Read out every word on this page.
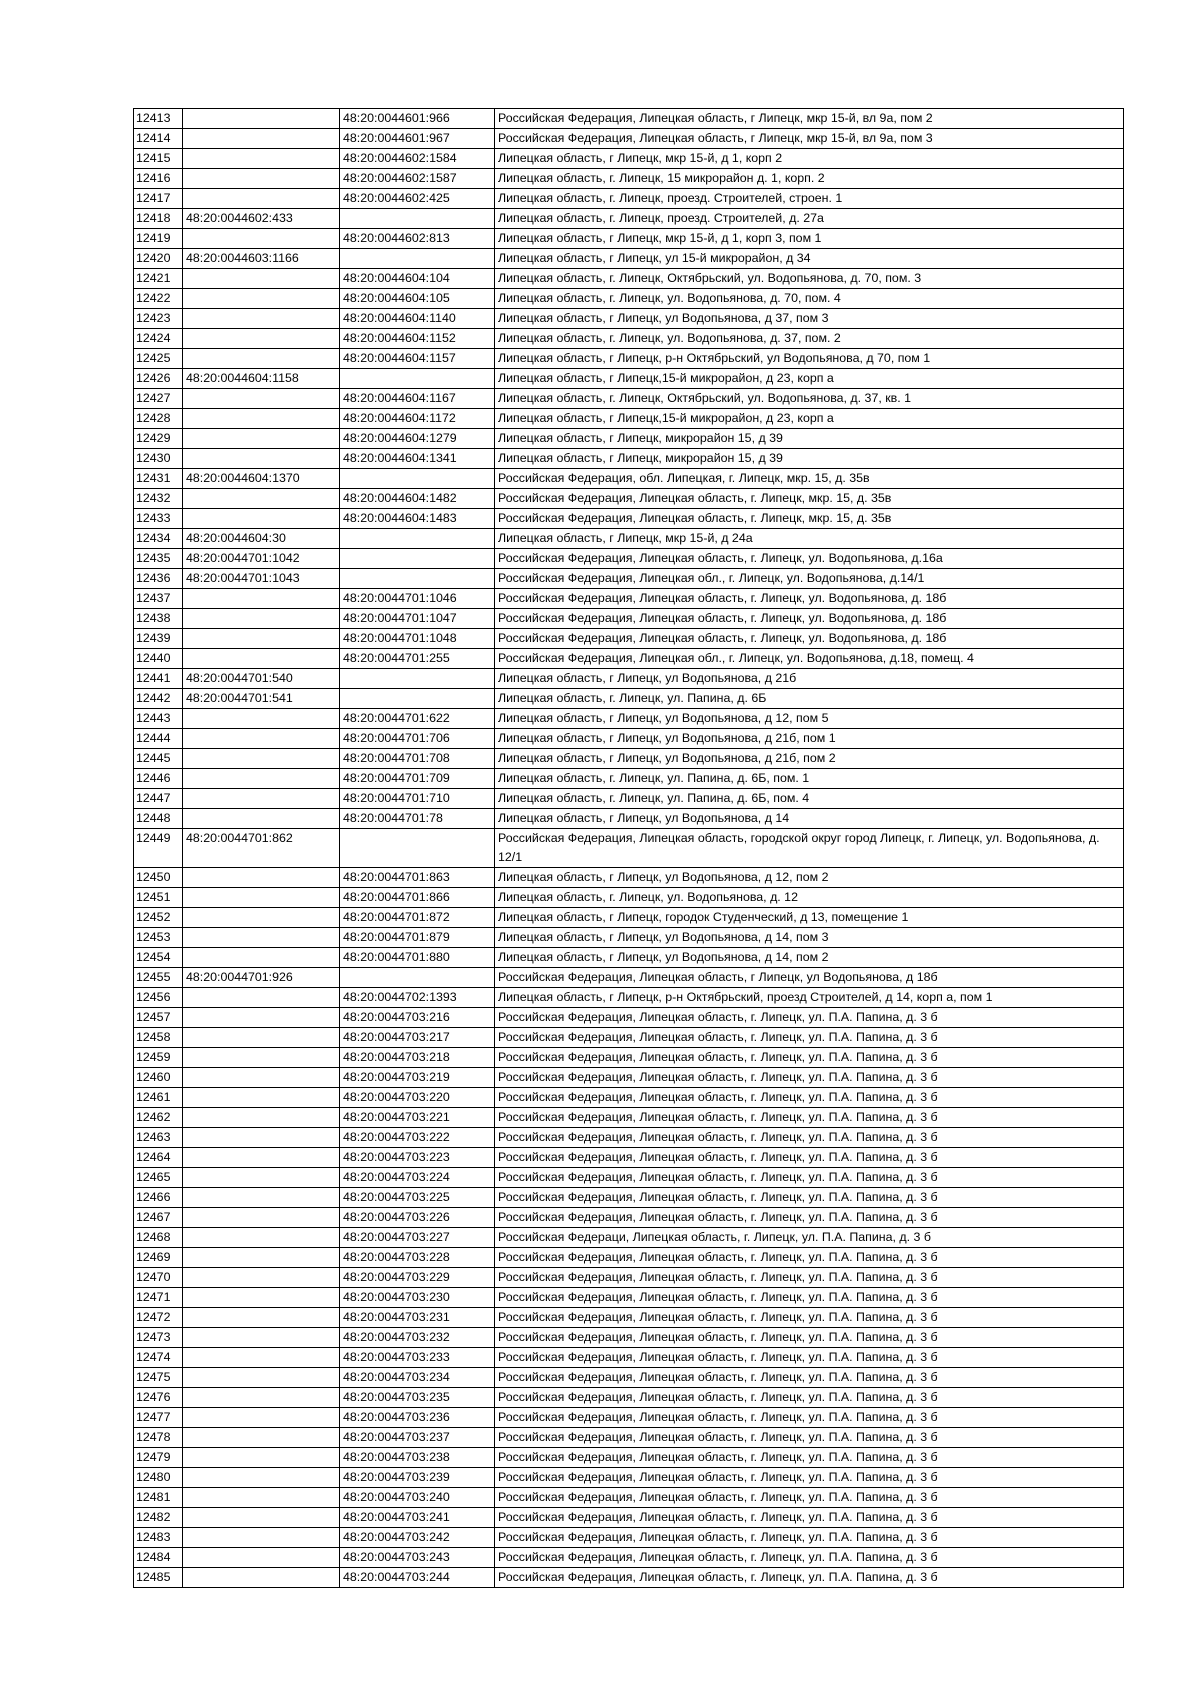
12413		48:20:0044601:966	Российская Федерация, Липецкая область, г Липецк, мкр 15-й, вл 9а, пом 2
12414		48:20:0044601:967	Российская Федерация, Липецкая область, г Липецк, мкр 15-й, вл 9а, пом 3
12415		48:20:0044602:1584	Липецкая область, г Липецк, мкр 15-й, д 1, корп 2
12416		48:20:0044602:1587	Липецкая область, г. Липецк, 15 микрорайон д. 1, корп. 2
12417		48:20:0044602:425	Липецкая область, г. Липецк, проезд. Строителей, строен. 1
12418	48:20:0044602:433		Липецкая область, г. Липецк, проезд. Строителей, д. 27а
12419		48:20:0044602:813	Липецкая область, г Липецк, мкр 15-й, д 1, корп 3, пом 1
12420	48:20:0044603:1166		Липецкая область, г Липецк, ул 15-й микрорайон, д 34
12421		48:20:0044604:104	Липецкая область, г. Липецк, Октябрьский, ул. Водопьянова, д. 70, пом. 3
12422		48:20:0044604:105	Липецкая область, г. Липецк, ул. Водопьянова, д. 70, пом. 4
12423		48:20:0044604:1140	Липецкая область, г Липецк, ул Водопьянова, д 37, пом 3
12424		48:20:0044604:1152	Липецкая область, г. Липецк, ул. Водопьянова, д. 37, пом. 2
12425		48:20:0044604:1157	Липецкая область, г Липецк, р-н Октябрьский, ул Водопьянова, д 70, пом 1
12426	48:20:0044604:1158		Липецкая область, г Липецк,15-й микрорайон, д 23, корп а
12427		48:20:0044604:1167	Липецкая область, г. Липецк, Октябрьский, ул. Водопьянова, д. 37, кв. 1
12428		48:20:0044604:1172	Липецкая область, г Липецк,15-й микрорайон, д 23, корп а
12429		48:20:0044604:1279	Липецкая область, г Липецк, микрорайон 15, д 39
12430		48:20:0044604:1341	Липецкая область, г Липецк, микрорайон 15, д 39
12431	48:20:0044604:1370		Российская Федерация, обл. Липецкая, г. Липецк, мкр. 15, д. 35в
12432		48:20:0044604:1482	Российская Федерация, Липецкая область, г. Липецк, мкр. 15, д. 35в
12433		48:20:0044604:1483	Российская Федерация, Липецкая область, г. Липецк, мкр. 15, д. 35в
12434	48:20:0044604:30		Липецкая область, г Липецк, мкр 15-й, д 24а
12435	48:20:0044701:1042		Российская Федерация, Липецкая область, г. Липецк, ул. Водопьянова, д.16а
12436	48:20:0044701:1043		Российская Федерация, Липецкая обл., г. Липецк, ул. Водопьянова, д.14/1
12437		48:20:0044701:1046	Российская Федерация, Липецкая область, г. Липецк, ул. Водопьянова, д. 18б
12438		48:20:0044701:1047	Российская Федерация, Липецкая область, г. Липецк, ул. Водопьянова, д. 18б
12439		48:20:0044701:1048	Российская Федерация, Липецкая область, г. Липецк, ул. Водопьянова, д. 18б
12440		48:20:0044701:255	Российская Федерация, Липецкая обл., г. Липецк, ул. Водопьянова, д.18, помещ. 4
12441	48:20:0044701:540		Липецкая область, г Липецк, ул Водопьянова, д 21б
12442	48:20:0044701:541		Липецкая область, г. Липецк, ул. Папина, д. 6Б
12443		48:20:0044701:622	Липецкая область, г Липецк, ул Водопьянова, д 12, пом 5
12444		48:20:0044701:706	Липецкая область, г Липецк, ул Водопьянова, д 21б, пом 1
12445		48:20:0044701:708	Липецкая область, г Липецк, ул Водопьянова, д 21б, пом 2
12446		48:20:0044701:709	Липецкая область, г. Липецк, ул. Папина, д. 6Б, пом. 1
12447		48:20:0044701:710	Липецкая область, г. Липецк, ул. Папина, д. 6Б, пом. 4
12448		48:20:0044701:78	Липецкая область, г Липецк, ул Водопьянова, д 14
12449	48:20:0044701:862		Российская Федерация, Липецкая область, городской округ город Липецк, г. Липецк, ул. Водопьянова, д. 12/1
12450		48:20:0044701:863	Липецкая область, г Липецк, ул Водопьянова, д 12, пом 2
12451		48:20:0044701:866	Липецкая область, г. Липецк, ул. Водопьянова, д. 12
12452		48:20:0044701:872	Липецкая область, г Липецк, городок Студенческий, д 13, помещение 1
12453		48:20:0044701:879	Липецкая область, г Липецк, ул Водопьянова, д 14, пом 3
12454		48:20:0044701:880	Липецкая область, г Липецк, ул Водопьянова, д 14, пом 2
12455	48:20:0044701:926		Российская Федерация, Липецкая область, г Липецк, ул Водопьянова, д 18б
12456		48:20:0044702:1393	Липецкая область, г Липецк, р-н Октябрьский, проезд Строителей, д 14, корп а, пом 1
12457		48:20:0044703:216	Российская Федерация, Липецкая область, г. Липецк, ул. П.А. Папина, д. 3 б
12458		48:20:0044703:217	Российская Федерация, Липецкая область, г. Липецк, ул. П.А. Папина, д. 3 б
12459		48:20:0044703:218	Российская Федерация, Липецкая область, г. Липецк, ул. П.А. Папина, д. 3 б
12460		48:20:0044703:219	Российская Федерация, Липецкая область, г. Липецк, ул. П.А. Папина, д. 3 б
12461		48:20:0044703:220	Российская Федерация, Липецкая область, г. Липецк, ул. П.А. Папина, д. 3 б
12462		48:20:0044703:221	Российская Федерация, Липецкая область, г. Липецк, ул. П.А. Папина, д. 3 б
12463		48:20:0044703:222	Российская Федерация, Липецкая область, г. Липецк, ул. П.А. Папина, д. 3 б
12464		48:20:0044703:223	Российская Федерация, Липецкая область, г. Липецк, ул. П.А. Папина, д. 3 б
12465		48:20:0044703:224	Российская Федерация, Липецкая область, г. Липецк, ул. П.А. Папина, д. 3 б
12466		48:20:0044703:225	Российская Федерация, Липецкая область, г. Липецк, ул. П.А. Папина, д. 3 б
12467		48:20:0044703:226	Российская Федерация, Липецкая область, г. Липецк, ул. П.А. Папина, д. 3 б
12468		48:20:0044703:227	Российская Федераци, Липецкая область, г. Липецк, ул. П.А. Папина, д. 3 б
12469		48:20:0044703:228	Российская Федерация, Липецкая область, г. Липецк, ул. П.А. Папина, д. 3 б
12470		48:20:0044703:229	Российская Федерация, Липецкая область, г. Липецк, ул. П.А. Папина, д. 3 б
12471		48:20:0044703:230	Российская Федерация, Липецкая область, г. Липецк, ул. П.А. Папина, д. 3 б
12472		48:20:0044703:231	Российская Федерация, Липецкая область, г. Липецк, ул. П.А. Папина, д. 3 б
12473		48:20:0044703:232	Российская Федерация, Липецкая область, г. Липецк, ул. П.А. Папина, д. 3 б
12474		48:20:0044703:233	Российская Федерация, Липецкая область, г. Липецк, ул. П.А. Папина, д. 3 б
12475		48:20:0044703:234	Российская Федерация, Липецкая область, г. Липецк, ул. П.А. Папина, д. 3 б
12476		48:20:0044703:235	Российская Федерация, Липецкая область, г. Липецк, ул. П.А. Папина, д. 3 б
12477		48:20:0044703:236	Российская Федерация, Липецкая область, г. Липецк, ул. П.А. Папина, д. 3 б
12478		48:20:0044703:237	Российская Федерация, Липецкая область, г. Липецк, ул. П.А. Папина, д. 3 б
12479		48:20:0044703:238	Российская Федерация, Липецкая область, г. Липецк, ул. П.А. Папина, д. 3 б
12480		48:20:0044703:239	Российская Федерация, Липецкая область, г. Липецк, ул. П.А. Папина, д. 3 б
12481		48:20:0044703:240	Российская Федерация, Липецкая область, г. Липецк, ул. П.А. Папина, д. 3 б
12482		48:20:0044703:241	Российская Федерация, Липецкая область, г. Липецк, ул. П.А. Папина, д. 3 б
12483		48:20:0044703:242	Российская Федерация, Липецкая область, г. Липецк, ул. П.А. Папина, д. 3 б
12484		48:20:0044703:243	Российская Федерация, Липецкая область, г. Липецк, ул. П.А. Папина, д. 3 б
12485		48:20:0044703:244	Российская Федерация, Липецкая область, г. Липецк, ул. П.А. Папина, д. 3 б
